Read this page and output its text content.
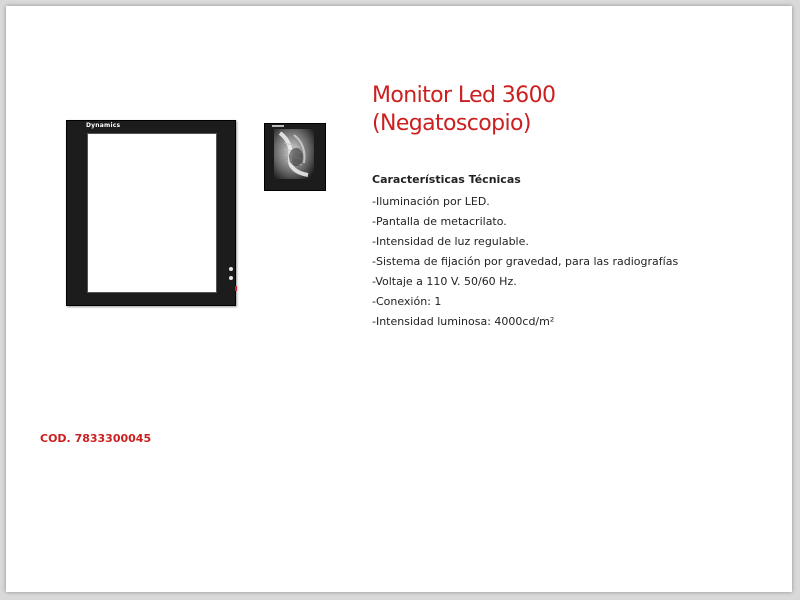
Dynamics
Monitor Led 3600
(Negatoscopio)
Características Técnicas
-Iluminación por LED.
-Pantalla de metacrilato.
-Intensidad de luz regulable.
-Sistema de fijación por gravedad, para las radiografías
-Voltaje a 110 V. 50/60 Hz.
-Conexión: 1
-Intensidad luminosa: 4000cd/m²
COD. 7833300045
